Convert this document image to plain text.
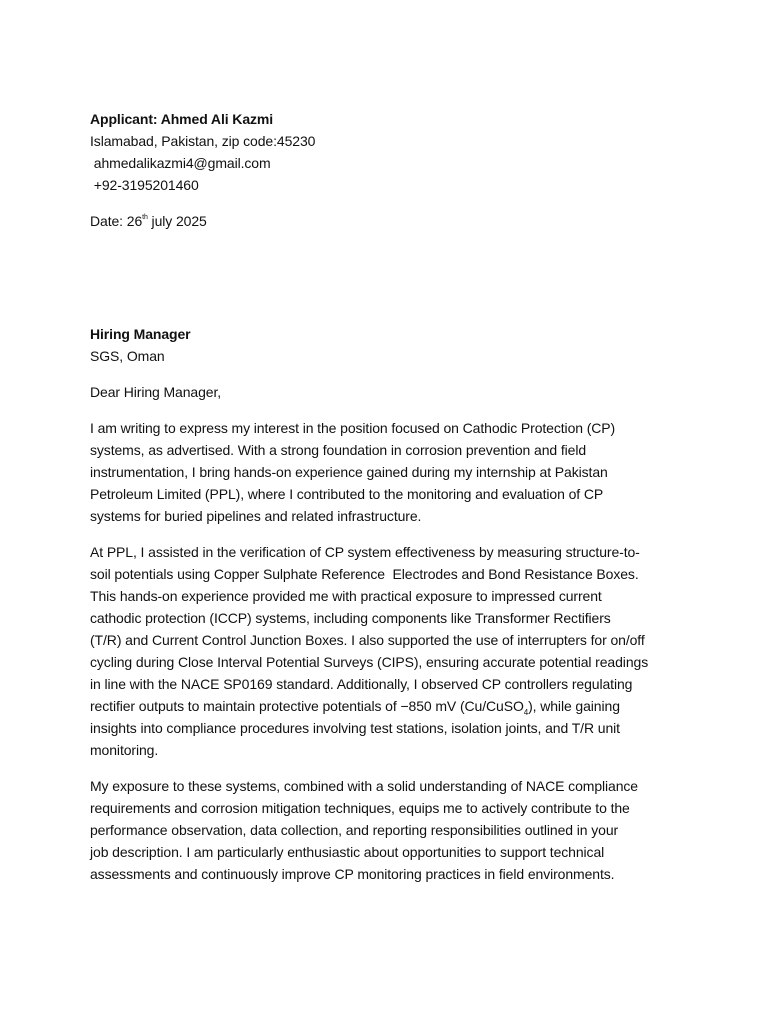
Applicant: Ahmed Ali Kazmi
Islamabad, Pakistan, zip code:45230
ahmedalikazmi4@gmail.com
+92-3195201460
Date: 26th july 2025
Hiring Manager
SGS, Oman
Dear Hiring Manager,
I am writing to express my interest in the position focused on Cathodic Protection (CP)
systems, as advertised. With a strong foundation in corrosion prevention and field
instrumentation, I bring hands-on experience gained during my internship at Pakistan
Petroleum Limited (PPL), where I contributed to the monitoring and evaluation of CP
systems for buried pipelines and related infrastructure.
At PPL, I assisted in the verification of CP system effectiveness by measuring structure-to-
soil potentials using Copper Sulphate Reference  Electrodes and Bond Resistance Boxes.
This hands-on experience provided me with practical exposure to impressed current
cathodic protection (ICCP) systems, including components like Transformer Rectifiers
(T/R) and Current Control Junction Boxes. I also supported the use of interrupters for on/off
cycling during Close Interval Potential Surveys (CIPS), ensuring accurate potential readings
in line with the NACE SP0169 standard. Additionally, I observed CP controllers regulating
rectifier outputs to maintain protective potentials of −850 mV (Cu/CuSO$_4$), while gaining
insights into compliance procedures involving test stations, isolation joints, and T/R unit
monitoring.
My exposure to these systems, combined with a solid understanding of NACE compliance
requirements and corrosion mitigation techniques, equips me to actively contribute to the
performance observation, data collection, and reporting responsibilities outlined in your
job description. I am particularly enthusiastic about opportunities to support technical
assessments and continuously improve CP monitoring practices in field environments.
